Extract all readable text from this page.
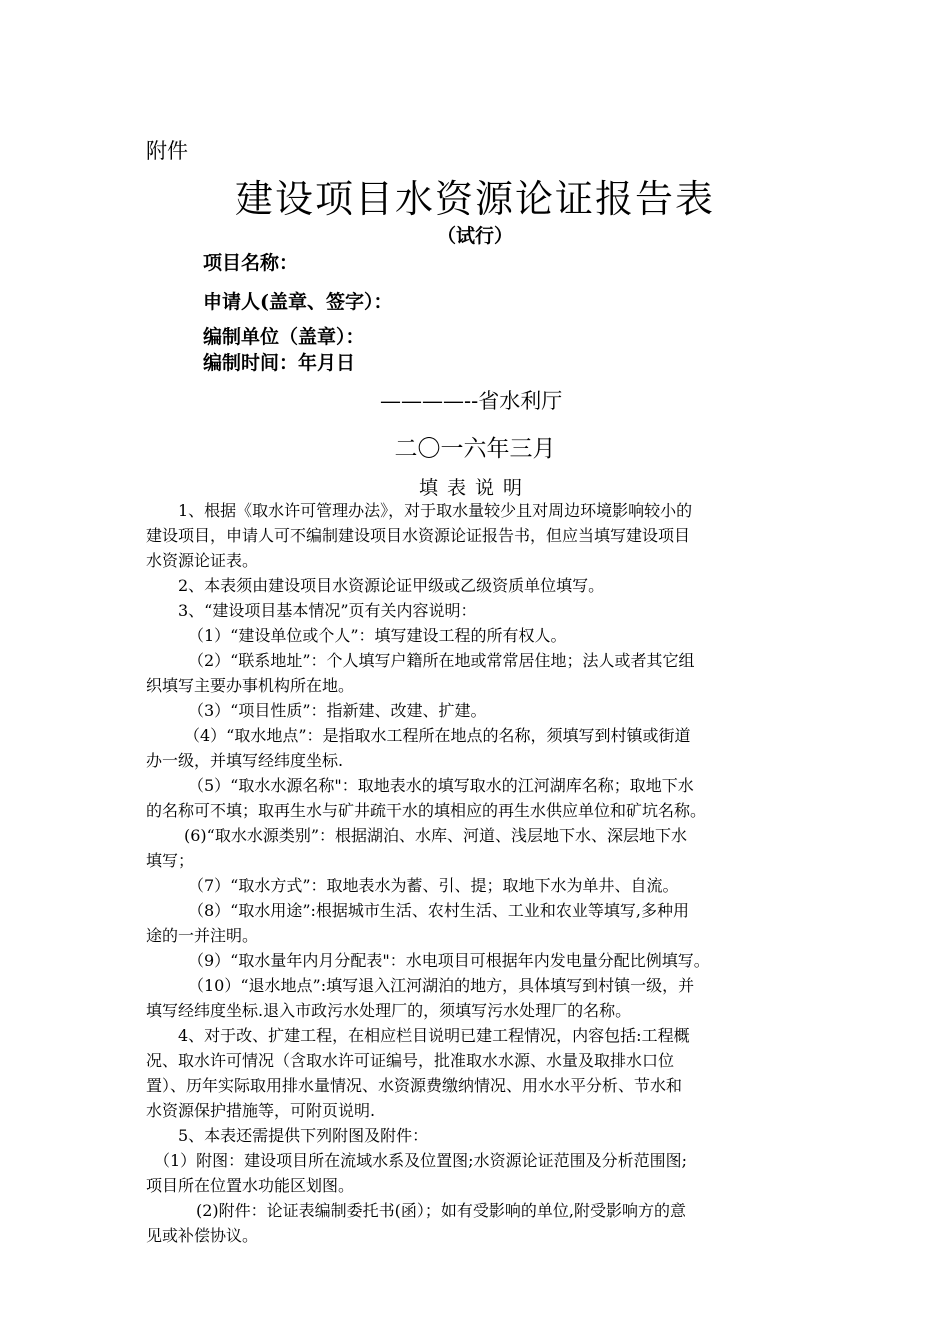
附件
建设项目水资源论证报告表
（试行）
项目名称：
申请人(盖章、签字）：
编制单位（盖章）：
编制时间：年月日
————--省水利厅
二〇一六年三月
填表说明
1、根据《取水许可管理办法》，对于取水量较少且对周边环境影响较小的
建设项目，申请人可不编制建设项目水资源论证报告书，但应当填写建设项目
水资源论证表。
2、本表须由建设项目水资源论证甲级或乙级资质单位填写。
3、“建设项目基本情况”页有关内容说明：
（1）“建设单位或个人”：填写建设工程的所有权人。
（2）“联系地址”：个人填写户籍所在地或常常居住地；法人或者其它组
织填写主要办事机构所在地。
（3）“项目性质”：指新建、改建、扩建。
（4）“取水地点”：是指取水工程所在地点的名称，须填写到村镇或街道
办一级，并填写经纬度坐标.
（5）“取水水源名称"：取地表水的填写取水的江河湖库名称；取地下水
的名称可不填；取再生水与矿井疏干水的填相应的再生水供应单位和矿坑名称。
(6)“取水水源类别”：根据湖泊、水库、河道、浅层地下水、深层地下水
填写；
（7）“取水方式”：取地表水为蓄、引、提；取地下水为单井、自流。
（8）“取水用途”:根据城市生活、农村生活、工业和农业等填写,多种用
途的一并注明。
（9）“取水量年内月分配表"：水电项目可根据年内发电量分配比例填写。
（10）“退水地点”:填写退入江河湖泊的地方，具体填写到村镇一级，并
填写经纬度坐标.退入市政污水处理厂的，须填写污水处理厂的名称。
4、对于改、扩建工程，在相应栏目说明已建工程情况，内容包括:工程概
况、取水许可情况（含取水许可证编号，批准取水水源、水量及取排水口位
置）、历年实际取用排水量情况、水资源费缴纳情况、用水水平分析、节水和
水资源保护措施等，可附页说明.
5、本表还需提供下列附图及附件：
（1）附图：建设项目所在流域水系及位置图;水资源论证范围及分析范围图;
项目所在位置水功能区划图。
(2)附件：论证表编制委托书(函）；如有受影响的单位,附受影响方的意
见或补偿协议。
